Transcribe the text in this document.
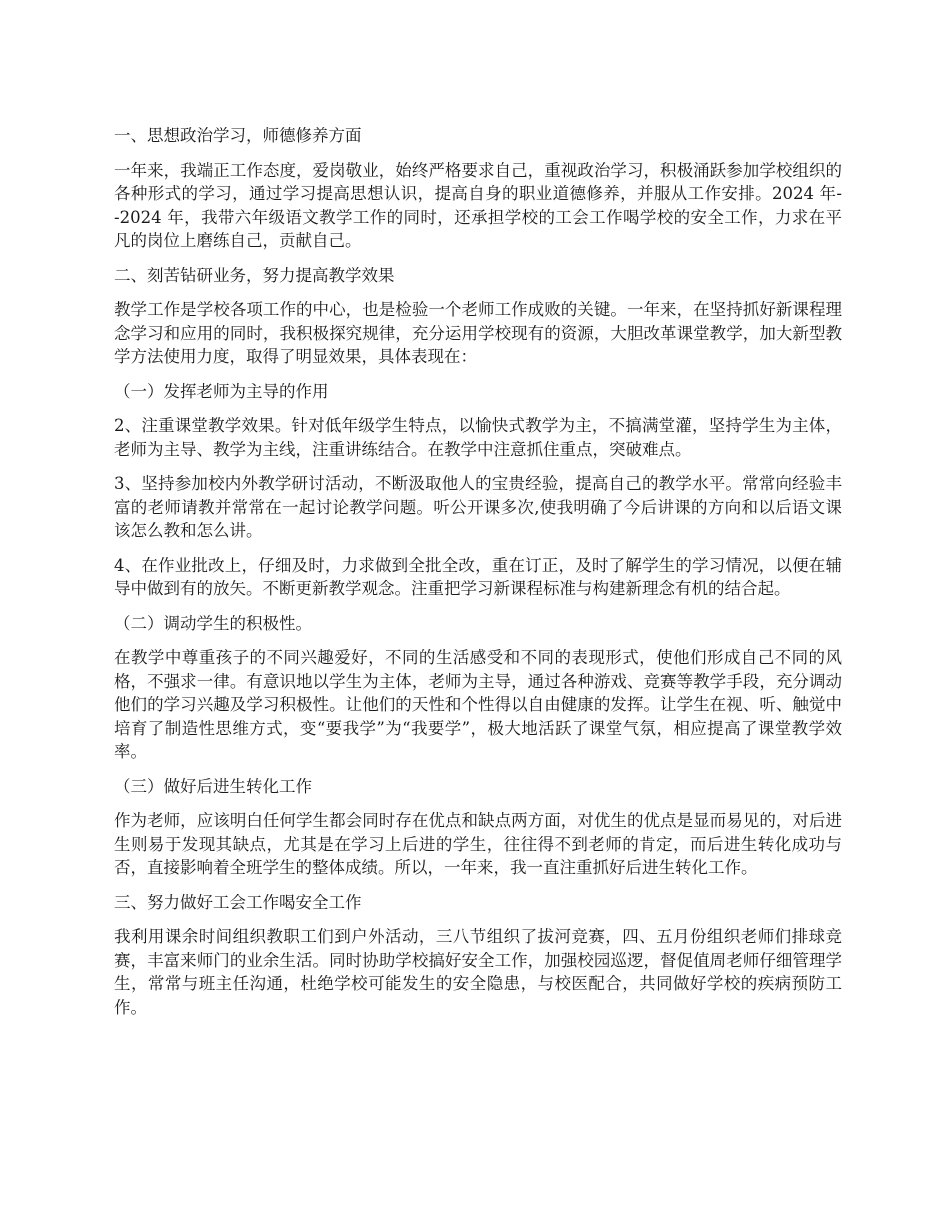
一、思想政治学习，师德修养方面

一年来，我端正工作态度，爱岗敬业，始终严格要求自己，重视政治学习，积极涌跃参加学校组织的各种形式的学习，通过学习提高思想认识，提高自身的职业道德修养，并服从工作安排。2024 年--2024 年，我带六年级语文教学工作的同时，还承担学校的工会工作喝学校的安全工作，力求在平凡的岗位上磨练自己，贡献自己。

二、刻苦钻研业务，努力提高教学效果

教学工作是学校各项工作的中心，也是检验一个老师工作成败的关键。一年来，在坚持抓好新课程理念学习和应用的同时，我积极探究规律，充分运用学校现有的资源，大胆改革课堂教学，加大新型教学方法使用力度，取得了明显效果，具体表现在：

（一）发挥老师为主导的作用

2、注重课堂教学效果。针对低年级学生特点，以愉快式教学为主，不搞满堂灌，坚持学生为主体，老师为主导、教学为主线，注重讲练结合。在教学中注意抓住重点，突破难点。

3、坚持参加校内外教学研讨活动，不断汲取他人的宝贵经验，提高自己的教学水平。常常向经验丰富的老师请教并常常在一起讨论教学问题。听公开课多次,使我明确了今后讲课的方向和以后语文课该怎么教和怎么讲。

4、在作业批改上，仔细及时，力求做到全批全改，重在订正，及时了解学生的学习情况，以便在辅导中做到有的放矢。不断更新教学观念。注重把学习新课程标准与构建新理念有机的结合起。

（二）调动学生的积极性。

在教学中尊重孩子的不同兴趣爱好，不同的生活感受和不同的表现形式，使他们形成自己不同的风格，不强求一律。有意识地以学生为主体，老师为主导，通过各种游戏、竞赛等教学手段，充分调动他们的学习兴趣及学习积极性。让他们的天性和个性得以自由健康的发挥。让学生在视、听、触觉中培育了制造性思维方式，变“要我学”为“我要学”，极大地活跃了课堂气氛，相应提高了课堂教学效率。

（三）做好后进生转化工作

作为老师，应该明白任何学生都会同时存在优点和缺点两方面，对优生的优点是显而易见的，对后进生则易于发现其缺点，尤其是在学习上后进的学生，往往得不到老师的肯定，而后进生转化成功与否，直接影响着全班学生的整体成绩。所以，一年来，我一直注重抓好后进生转化工作。

三、努力做好工会工作喝安全工作

我利用课余时间组织教职工们到户外活动，三八节组织了拔河竞赛，四、五月份组织老师们排球竞赛，丰富来师门的业余生活。同时协助学校搞好安全工作，加强校园巡逻，督促值周老师仔细管理学生，常常与班主任沟通，杜绝学校可能发生的安全隐患，与校医配合，共同做好学校的疾病预防工作。
